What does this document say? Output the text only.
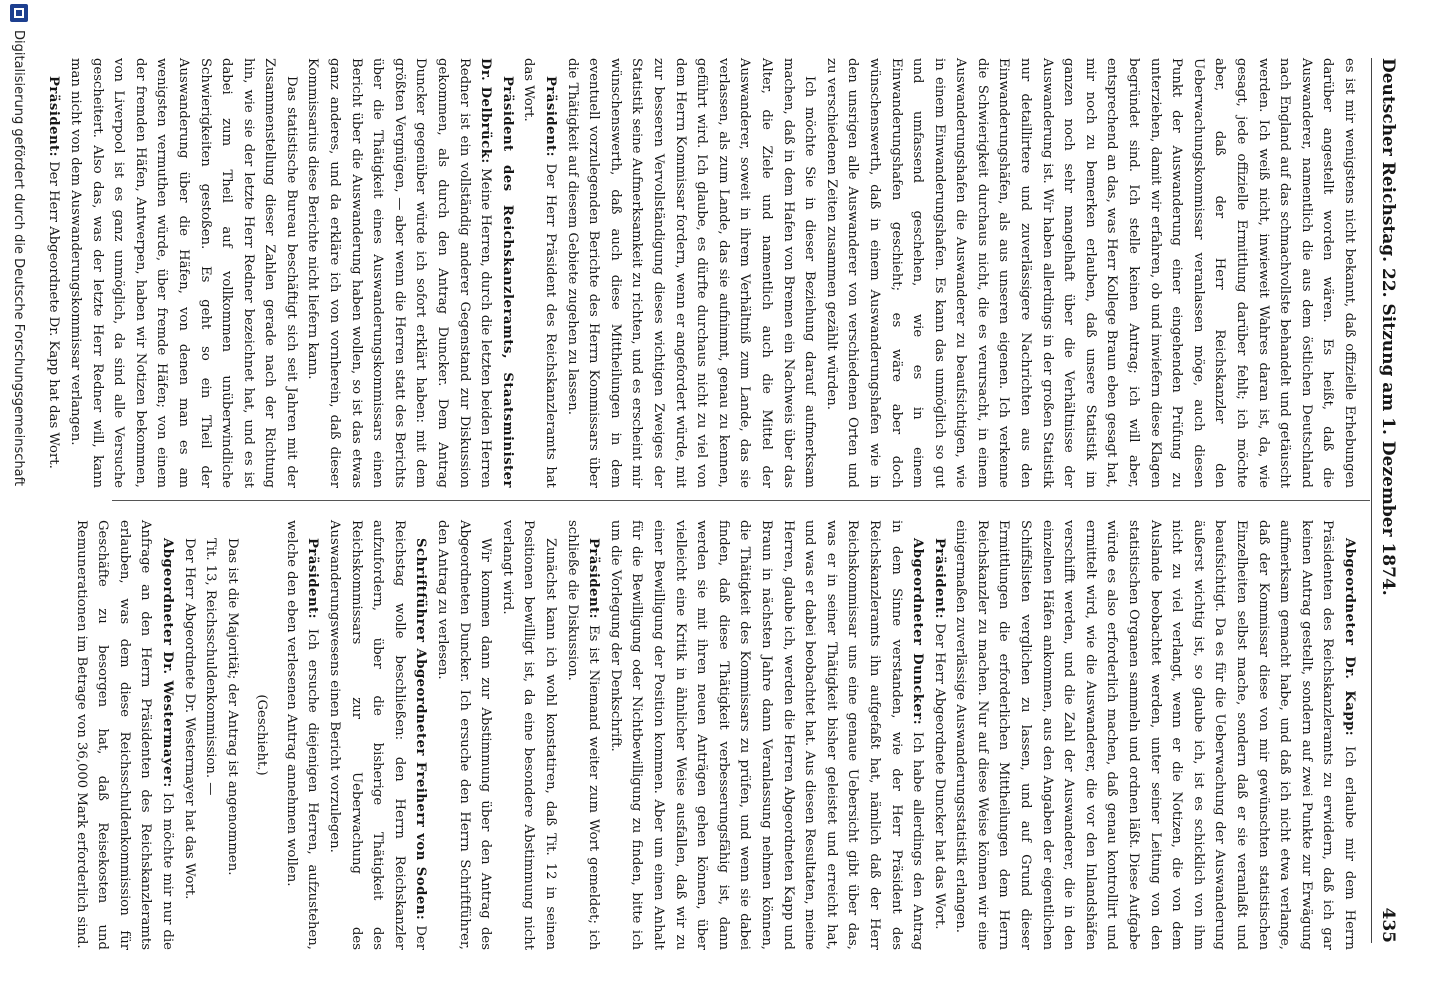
Deutscher Reichstag. 22. Sitzung am 1. Dezember 1874.
435

es ist mir wenigstens nicht bekannt, daß offizielle Erhebungen darüber angestellt worden wären. Es heißt, daß die Auswanderer, namentlich die aus dem östlichen Deutschland nach England auf das schmachvollste behandelt und getäuscht werden. Ich weiß nicht, inwieweit Wahres daran ist, da, wie gesagt, jede offizielle Ermittlung darüber fehlt; ich möchte aber, daß der Herr Reichskanzler den Ueberwachungskommissar veranlassen möge, auch diesen Punkt der Auswanderung einer eingehenden Prüfung zu unterziehen, damit wir erfahren, ob und inwiefern diese Klagen begründet sind. Ich stelle keinen Antrag; ich will aber, entsprechend an das, was Herr Kollege Braun eben gesagt hat, mir noch zu bemerken erlauben, daß unsere Statistik im ganzen noch sehr mangelhaft über die Verhältnisse der Auswanderung ist. Wir haben allerdings in der großen Statistik nur detaillirtere und zuverlässigere Nachrichten aus den Einwanderungshäfen, als aus unseren eigenen. Ich verkenne die Schwierigkeit durchaus nicht, die es verursacht, in einem Auswanderungshafen die Auswanderer zu beaufsichtigen, wie in einem Einwanderungshafen. Es kann das unmöglich so gut und umfassend geschehen, wie es in einem Einwanderungshafen geschieht; es wäre aber doch wünschenswerth, daß in einem Auswanderungshafen wie in den unsrigen alle Auswanderer von verschiedenen Orten und zu verschiedenen Zeiten zusammen gezählt würden.

Ich möchte Sie in dieser Beziehung darauf aufmerksam machen, daß in dem Hafen von Bremen ein Nachweis über das Alter, die Ziele und namentlich auch die Mittel der Auswanderer, soweit in ihrem Verhältniß zum Lande, das sie verlassen, als zum Lande, das sie aufnimmt, genau zu kennen, geführt wird. Ich glaube, es dürfte durchaus nicht zu viel von dem Herrn Kommissar fordern, wenn er angefordert würde, mit zur besseren Vervollständigung dieses wichtigen Zweiges der Statistik seine Aufmerksamkeit zu richten, und es erscheint mir wünschenswerth, daß auch diese Mittheilungen in dem eventuell vorzulegenden Berichte des Herrn Kommissars über die Thätigkeit auf diesem Gebiete zugehen zu lassen.

Präsident: Der Herr Präsident des Reichskanzleramts hat das Wort.

Präsident des Reichskanzleramts, Staatsminister Dr. Delbrück: Meine Herren, durch die letzten beiden Herren Redner ist ein vollständig anderer Gegenstand zur Diskussion gekommen, als durch den Antrag Duncker. Dem Antrag Duncker gegenüber würde ich sofort erklärt haben: mit dem größten Vergnügen, — aber wenn die Herren statt des Berichts über die Thätigkeit eines Auswanderungskommissars einen Bericht über die Auswanderung haben wollen, so ist das etwas ganz anderes, und da erkläre ich von vornherein, daß dieser Kommissarius diese Berichte nicht liefern kann.

Das statistische Bureau beschäftigt sich seit Jahren mit der Zusammenstellung dieser Zahlen gerade nach der Richtung hin, wie sie der letzte Herr Redner bezeichnet hat, und es ist dabei zum Theil auf vollkommen unüberwindliche Schwierigkeiten gestoßen. Es geht so ein Theil der Auswanderung über die Häfen, von denen man es am wenigsten vermuthen würde, über fremde Häfen; von einem der fremden Häfen, Antwerpen, haben wir Notizen bekommen, von Liverpool ist es ganz unmöglich, da sind alle Versuche gescheitert. Also das, was der letzte Herr Redner will, kann man nicht von dem Auswanderungskommissar verlangen.

Präsident: Der Herr Abgeordnete Dr. Kapp hat das Wort.

Abgeordneter Dr. Kapp: Ich erlaube mir dem Herrn Präsidenten des Reichskanzleramts zu erwidern, daß ich gar keinen Antrag gestellt, sondern auf zwei Punkte zur Erwägung aufmerksam gemacht habe, und daß ich nicht etwa verlange, daß der Kommissar diese von mir gewünschten statistischen Einzelheiten selbst mache, sondern daß er sie veranlaßt und beaufsichtigt. Da es für die Ueberwachung der Auswanderung äußerst wichtig ist, so glaube ich, ist es schicklich von ihm nicht zu viel verlangt, wenn er die Notizen, die von dem Auslande beobachtet werden, unter seiner Leitung von den statistischen Organen sammeln und ordnen läßt. Diese Aufgabe würde es also erforderlich machen, daß genau kontrollirt und ermittelt wird, wie die Auswanderer, die vor den Inlandshäfen verschifft werden, und die Zahl der Auswanderer, die in den einzelnen Häfen ankommen, aus den Angaben der eigentlichen Schiffslisten verglichen zu lassen, und auf Grund dieser Ermittlungen die erforderlichen Mittheilungen dem Herrn Reichskanzler zu machen. Nur auf diese Weise können wir eine einigermaßen zuverlässige Auswanderungsstatistik erlangen.

Präsident: Der Herr Abgeordnete Duncker hat das Wort.

Abgeordneter Duncker: Ich habe allerdings den Antrag in dem Sinne verstanden, wie der Herr Präsident des Reichskanzleramts ihn aufgefaßt hat, nämlich daß der Herr Reichskommissar uns eine genaue Uebersicht gibt über das, was er in seiner Thätigkeit bisher geleistet und erreicht hat, und was er dabei beobachtet hat. Aus diesen Resultaten, meine Herren, glaube ich, werden die Herren Abgeordneten Kapp und Braun in nächsten Jahre dann Veranlassung nehmen können, die Thätigkeit des Kommissars zu prüfen, und wenn sie dabei finden, daß diese Thätigkeit verbesserungsfähig ist, dann werden sie mit ihren neuen Anträgen gehen können, über vielleicht eine Kritik in ähnlicher Weise ausfallen, daß wir zu einer Bewilligung der Position kommen. Aber um einen Anhalt für die Bewilligung oder Nichtbewilligung zu finden, bitte ich um die Vorlegung der Denkschrift.

Präsident: Es ist Niemand weiter zum Wort gemeldet; ich schließe die Diskussion.

Zunächst kann ich wohl konstatiren, daß Tit. 12 in seinen Positionen bewilligt ist, da eine besondere Abstimmung nicht verlangt wird.

Wir kommen dann zur Abstimmung über den Antrag des Abgeordneten Duncker. Ich ersuche den Herrn Schriftführer, den Antrag zu verlesen.

Schriftführer Abgeordneter Freiherr von Soden: Der Reichstag wolle beschließen: den Herrn Reichskanzler aufzufordern, über die bisherige Thätigkeit des Reichskommissars zur Ueberwachung des Auswanderungswesens einen Bericht vorzulegen.

Präsident: Ich ersuche diejenigen Herren, aufzustehen, welche den eben verlesenen Antrag annehmen wollen.

(Geschieht.)

Das ist die Majorität; der Antrag ist angenommen.

Tit. 13, Reichsschuldenkommission. —

Der Herr Abgeordnete Dr. Westermayer hat das Wort.

Abgeordneter Dr. Westermayer: Ich möchte mir nur die Anfrage an den Herrn Präsidenten des Reichskanzleramts erlauben, was dem diese Reichsschuldenkommission für Geschäfte zu besorgen hat, daß Reisekosten und Remunerationen im Betrage von 36,000 Mark erforderlich sind.

Digitalisierung gefördert durch die Deutsche Forschungsgemeinschaft
